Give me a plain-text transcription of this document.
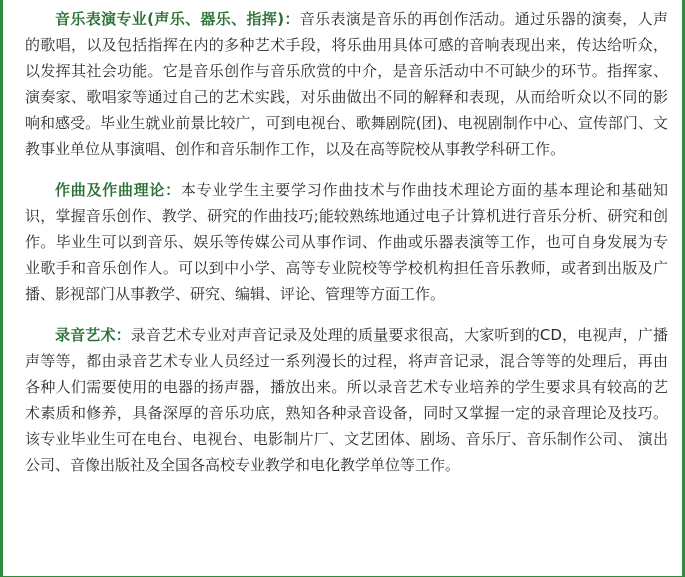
音乐表演专业(声乐、器乐、指挥)：音乐表演是音乐的再创作活动。通过乐器的演奏，人声的歌唱，以及包括指挥在内的多种艺术手段，将乐曲用具体可感的音响表现出来，传达给听众，以发挥其社会功能。它是音乐创作与音乐欣赏的中介，是音乐活动中不可缺少的环节。指挥家、演奏家、歌唱家等通过自己的艺术实践，对乐曲做出不同的解释和表现，从而给听众以不同的影响和感受。毕业生就业前景比较广，可到电视台、歌舞剧院(团)、电视剧制作中心、宣传部门、文教事业单位从事演唱、创作和音乐制作工作，以及在高等院校从事教学科研工作。

作曲及作曲理论：本专业学生主要学习作曲技术与作曲技术理论方面的基本理论和基础知识，掌握音乐创作、教学、研究的作曲技巧;能较熟练地通过电子计算机进行音乐分析、研究和创作。毕业生可以到音乐、娱乐等传媒公司从事作词、作曲或乐器表演等工作，也可自身发展为专业歌手和音乐创作人。可以到中小学、高等专业院校等学校机构担任音乐教师，或者到出版及广播、影视部门从事教学、研究、编辑、评论、管理等方面工作。

录音艺术：录音艺术专业对声音记录及处理的质量要求很高，大家听到的CD，电视声，广播声等等，都由录音艺术专业人员经过一系列漫长的过程，将声音记录，混合等等的处理后，再由各种人们需要使用的电器的扬声器，播放出来。所以录音艺术专业培养的学生要求具有较高的艺术素质和修养，具备深厚的音乐功底，熟知各种录音设备，同时又掌握一定的录音理论及技巧。该专业毕业生可在电台、电视台、电影制片厂、文艺团体、剧场、音乐厅、音乐制作公司、 演出公司、音像出版社及全国各高校专业教学和电化教学单位等工作。
